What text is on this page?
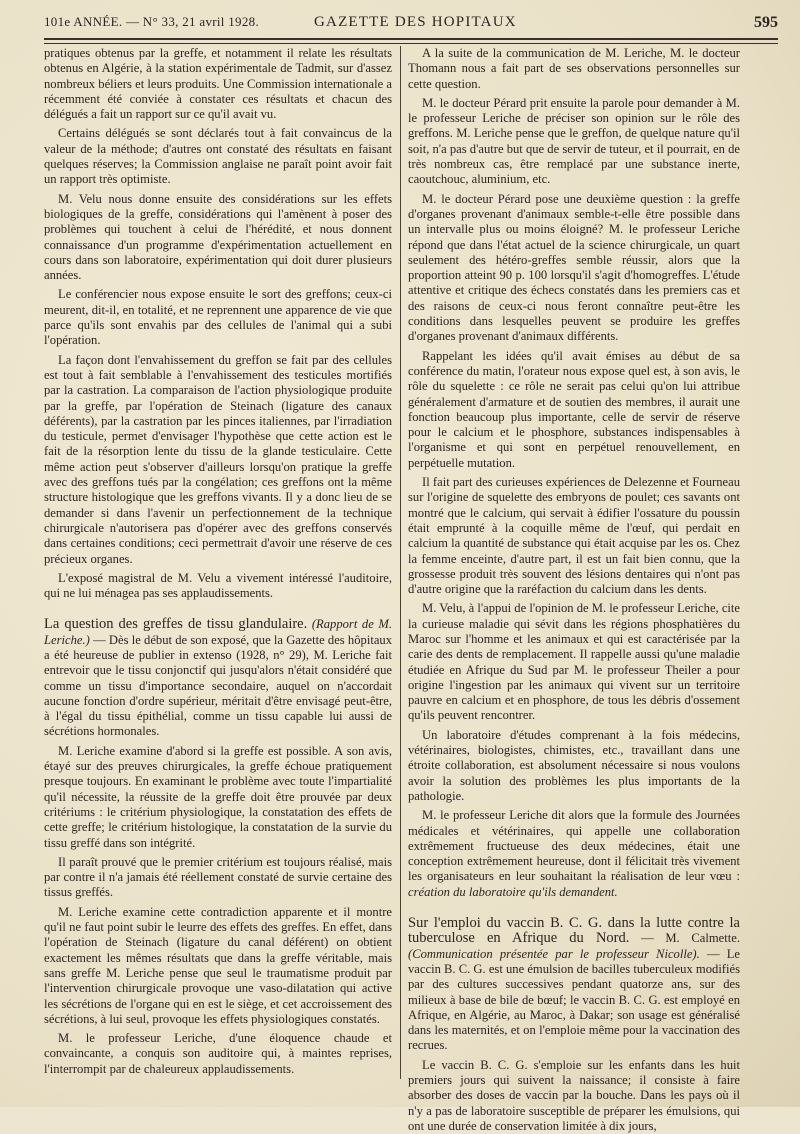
101e ANNÉE. — N° 33, 21 avril 1928.	GAZETTE DES HOPITAUX	595

pratiques obtenus par la greffe, et notamment il relate les résultats obtenus en Algérie, à la station expérimentale de Tadmit, sur d'assez nombreux béliers et leurs produits. Une Commission internationale a récemment été conviée à constater ces résultats et chacun des délégués a fait un rapport sur ce qu'il avait vu.

Certains délégués se sont déclarés tout à fait convaincus de la valeur de la méthode; d'autres ont constaté des résultats en faisant quelques réserves; la Commission anglaise ne paraît point avoir fait un rapport très optimiste.

M. Velu nous donne ensuite des considérations sur les effets biologiques de la greffe, considérations qui l'amènent à poser des problèmes qui touchent à celui de l'hérédité, et nous donnent connaissance d'un programme d'expérimentation actuellement en cours dans son laboratoire, expérimentation qui doit durer plusieurs années.

Le conférencier nous expose ensuite le sort des greffons; ceux-ci meurent, dit-il, en totalité, et ne reprennent une apparence de vie que parce qu'ils sont envahis par des cellules de l'animal qui a subi l'opération.

La façon dont l'envahissement du greffon se fait par des cellules est tout à fait semblable à l'envahissement des testicules mortifiés par la castration. La comparaison de l'action physiologique produite par la greffe, par l'opération de Steinach (ligature des canaux déférents), par la castration par les pinces italiennes, par l'irradiation du testicule, permet d'envisager l'hypothèse que cette action est le fait de la résorption lente du tissu de la glande testiculaire. Cette même action peut s'observer d'ailleurs lorsqu'on pratique la greffe avec des greffons tués par la congélation; ces greffons ont la même structure histologique que les greffons vivants. Il y a donc lieu de se demander si dans l'avenir un perfectionnement de la technique chirurgicale n'autorisera pas d'opérer avec des greffons conservés dans certaines conditions; ceci permettrait d'avoir une réserve de ces précieux organes.

L'exposé magistral de M. Velu a vivement intéressé l'auditoire, qui ne lui ménagea pas ses applaudissements.

La question des greffes de tissu glandulaire. (Rapport de M. Leriche.) — Dès le début de son exposé, que la Gazette des hôpitaux a été heureuse de publier in extenso (1928, n° 29), M. Leriche fait entrevoir que le tissu conjonctif qui jusqu'alors n'était considéré que comme un tissu d'importance secondaire, auquel on n'accordait aucune fonction d'ordre supérieur, méritait d'être envisagé peut-être, à l'égal du tissu épithélial, comme un tissu capable lui aussi de sécrétions hormonales.

M. Leriche examine d'abord si la greffe est possible. A son avis, étayé sur des preuves chirurgicales, la greffe échoue pratiquement presque toujours. En examinant le problème avec toute l'impartialité qu'il nécessite, la réussite de la greffe doit être prouvée par deux critériums : le critérium physiologique, la constatation des effets de cette greffe; le critérium histologique, la constatation de la survie du tissu greffé dans son intégrité.

Il paraît prouvé que le premier critérium est toujours réalisé, mais par contre il n'a jamais été réellement constaté de survie certaine des tissus greffés.

M. Leriche examine cette contradiction apparente et il montre qu'il ne faut point subir le leurre des effets des greffes. En effet, dans l'opération de Steinach (ligature du canal déférent) on obtient exactement les mêmes résultats que dans la greffe véritable, mais sans greffe M. Leriche pense que seul le traumatisme produit par l'intervention chirurgicale provoque une vaso-dilatation qui active les sécrétions de l'organe qui en est le siège, et cet accroissement des sécrétions, à lui seul, provoque les effets physiologiques constatés.

M. le professeur Leriche, d'une éloquence chaude et convaincante, a conquis son auditoire qui, à maintes reprises, l'interrompit par de chaleureux applaudissements.

A la suite de la communication de M. Leriche, M. le docteur Thomann nous a fait part de ses observations personnelles sur cette question.

M. le docteur Pérard prit ensuite la parole pour demander à M. le professeur Leriche de préciser son opinion sur le rôle des greffons. M. Leriche pense que le greffon, de quelque nature qu'il soit, n'a pas d'autre but que de servir de tuteur, et il pourrait, en de très nombreux cas, être remplacé par une substance inerte, caoutchouc, aluminium, etc.

M. le docteur Pérard pose une deuxième question : la greffe d'organes provenant d'animaux semble-t-elle être possible dans un intervalle plus ou moins éloigné? M. le professeur Leriche répond que dans l'état actuel de la science chirurgicale, un quart seulement des hétéro-greffes semble réussir, alors que la proportion atteint 90 p. 100 lorsqu'il s'agit d'homogreffes. L'étude attentive et critique des échecs constatés dans les premiers cas et des raisons de ceux-ci nous feront connaître peut-être les conditions dans lesquelles peuvent se produire les greffes d'organes provenant d'animaux différents.

Rappelant les idées qu'il avait émises au début de sa conférence du matin, l'orateur nous expose quel est, à son avis, le rôle du squelette : ce rôle ne serait pas celui qu'on lui attribue généralement d'armature et de soutien des membres, il aurait une fonction beaucoup plus importante, celle de servir de réserve pour le calcium et le phosphore, substances indispensables à l'organisme et qui sont en perpétuel renouvellement, en perpétuelle mutation.

Il fait part des curieuses expériences de Delezenne et Fourneau sur l'origine de squelette des embryons de poulet; ces savants ont montré que le calcium, qui servait à édifier l'ossature du poussin était emprunté à la coquille même de l'œuf, qui perdait en calcium la quantité de substance qui était acquise par les os. Chez la femme enceinte, d'autre part, il est un fait bien connu, que la grossesse produit très souvent des lésions dentaires qui n'ont pas d'autre origine que la raréfaction du calcium dans les dents.

M. Velu, à l'appui de l'opinion de M. le professeur Leriche, cite la curieuse maladie qui sévit dans les régions phosphatières du Maroc sur l'homme et les animaux et qui est caractérisée par la carie des dents de remplacement. Il rappelle aussi qu'une maladie étudiée en Afrique du Sud par M. le professeur Theiler a pour origine l'ingestion par les animaux qui vivent sur un territoire pauvre en calcium et en phosphore, de tous les débris d'ossement qu'ils peuvent rencontrer.

Un laboratoire d'études comprenant à la fois médecins, vétérinaires, biologistes, chimistes, etc., travaillant dans une étroite collaboration, est absolument nécessaire si nous voulons avoir la solution des problèmes les plus importants de la pathologie.

M. le professeur Leriche dit alors que la formule des Journées médicales et vétérinaires, qui appelle une collaboration extrêmement fructueuse des deux médecines, était une conception extrêmement heureuse, dont il félicitait très vivement les organisateurs en leur souhaitant la réalisation de leur vœu : création du laboratoire qu'ils demandent.

Sur l'emploi du vaccin B. C. G. dans la lutte contre la tuberculose en Afrique du Nord. — M. Calmette. (Communication présentée par le professeur Nicolle). — Le vaccin B. C. G. est une émulsion de bacilles tuberculeux modifiés par des cultures successives pendant quatorze ans, sur des milieux à base de bile de bœuf; le vaccin B. C. G. est employé en Afrique, en Algérie, au Maroc, à Dakar; son usage est généralisé dans les maternités, et on l'emploie même pour la vaccination des recrues.

Le vaccin B. C. G. s'emploie sur les enfants dans les huit premiers jours qui suivent la naissance; il consiste à faire absorber des doses de vaccin par la bouche. Dans les pays où il n'y a pas de laboratoire susceptible de préparer les émulsions, qui ont une durée de conservation limitée à dix jours,
